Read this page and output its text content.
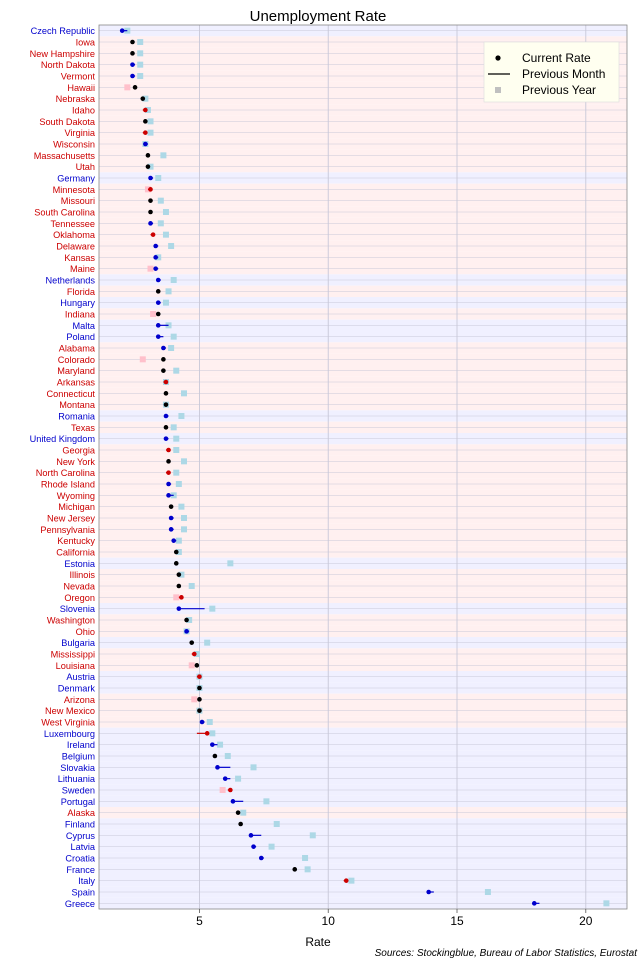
Unemployment Rate
Czech Republic
Iowa
New Hampshire
North Dakota
Vermont
Hawaii
Nebraska
Idaho
South Dakota
Virginia
Wisconsin
Massachusetts
Utah
Germany
Minnesota
Missouri
South Carolina
Tennessee
Oklahoma
Delaware
Kansas
Maine
Netherlands
Florida
Hungary
Indiana
Malta
Poland
Alabama
Colorado
Maryland
Arkansas
Connecticut
Montana
Romania
Texas
United Kingdom
Georgia
New York
North Carolina
Rhode Island
Wyoming
Michigan
New Jersey
Pennsylvania
Kentucky
California
Estonia
Illinois
Nevada
Oregon
Slovenia
Washington
Ohio
Bulgaria
Mississippi
Louisiana
Austria
Denmark
Arizona
New Mexico
West Virginia
Luxembourg
Ireland
Belgium
Slovakia
Lithuania
Sweden
Portugal
Alaska
Finland
Cyprus
Latvia
Croatia
France
Italy
Spain
Greece
5	10	15	20
Rate
Sources: Stockingblue, Bureau of Labor Statistics, Eurostat
Current Rate
Previous Month
Previous Year
